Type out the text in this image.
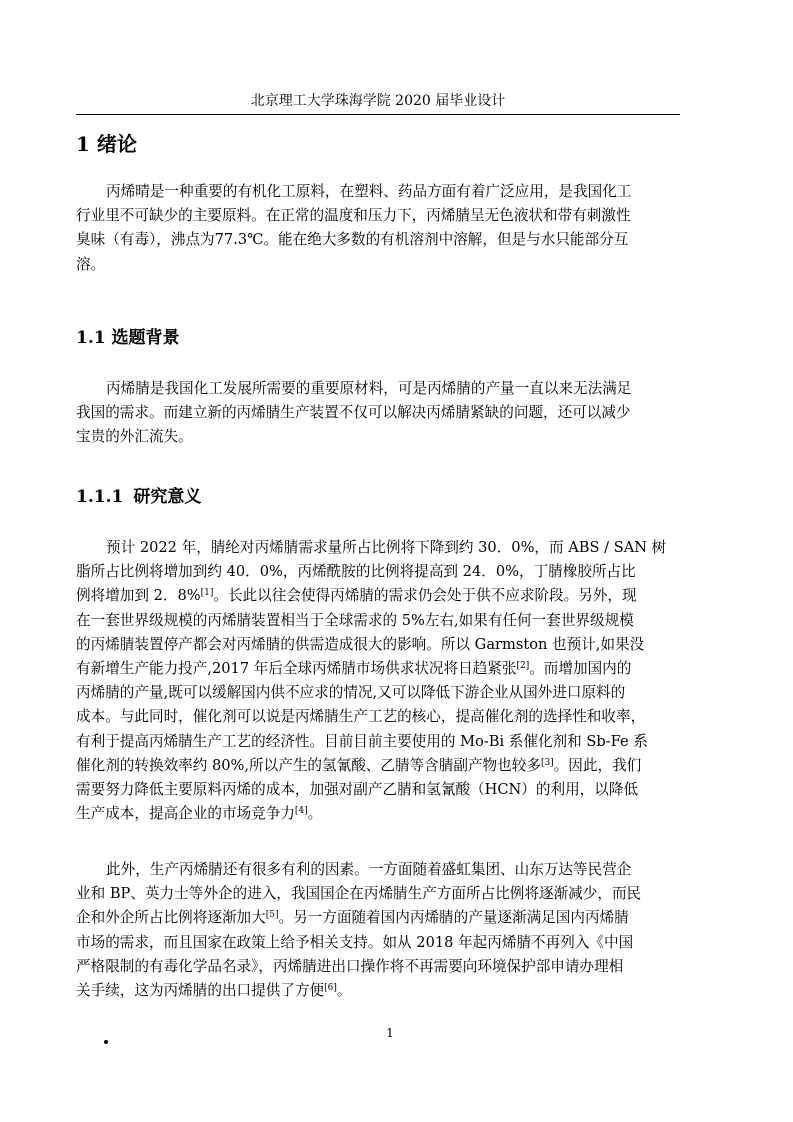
北京理工大学珠海学院 2020 届毕业设计
1 绪论

丙烯晴是一种重要的有机化工原料，在塑料、药品方面有着广泛应用，是我国化工
行业里不可缺少的主要原料。在正常的温度和压力下，丙烯腈呈无色液状和带有刺激性
臭味（有毒），沸点为77.3℃。能在绝大多数的有机溶剂中溶解，但是与水只能部分互
溶。

1.1 选题背景

丙烯腈是我国化工发展所需要的重要原材料，可是丙烯腈的产量一直以来无法满足
我国的需求。而建立新的丙烯腈生产装置不仅可以解决丙烯腈紧缺的问题，还可以减少
宝贵的外汇流失。

1.1.1 研究意义

预计 2022 年，腈纶对丙烯腈需求量所占比例将下降到约 30．0%，而 ABS / SAN 树
脂所占比例将增加到约 40．0%，丙烯酰胺的比例将提高到 24．0%，丁腈橡胶所占比
例将增加到 2．8%[1]。长此以往会使得丙烯腈的需求仍会处于供不应求阶段。另外，现
在一套世界级规模的丙烯腈装置相当于全球需求的 5%左右,如果有任何一套世界级规模
的丙烯腈装置停产都会对丙烯腈的供需造成很大的影响。所以 Garmston 也预计,如果没
有新增生产能力投产,2017 年后全球丙烯腈市场供求状况将日趋紧张[2]。而增加国内的
丙烯腈的产量,既可以缓解国内供不应求的情况,又可以降低下游企业从国外进口原料的
成本。与此同时，催化剂可以说是丙烯腈生产工艺的核心，提高催化剂的选择性和收率，
有利于提高丙烯腈生产工艺的经济性。目前目前主要使用的 Mo-Bi 系催化剂和 Sb-Fe 系
催化剂的转换效率约 80%,所以产生的氢氰酸、乙腈等含腈副产物也较多[3]。因此，我们
需要努力降低主要原料丙烯的成本，加强对副产乙腈和氢氰酸（HCN）的利用，以降低
生产成本，提高企业的市场竞争力[4]。

此外，生产丙烯腈还有很多有利的因素。一方面随着盛虹集团、山东万达等民营企
业和 BP、英力士等外企的进入，我国国企在丙烯腈生产方面所占比例将逐渐减少，而民
企和外企所占比例将逐渐加大[5]。另一方面随着国内丙烯腈的产量逐渐满足国内丙烯腈
市场的需求，而且国家在政策上给予相关支持。如从 2018 年起丙烯腈不再列入《中国
严格限制的有毒化学品名录》，丙烯腈进出口操作将不再需要向环境保护部申请办理相
关手续，这为丙烯腈的出口提供了方便[6]。

1
